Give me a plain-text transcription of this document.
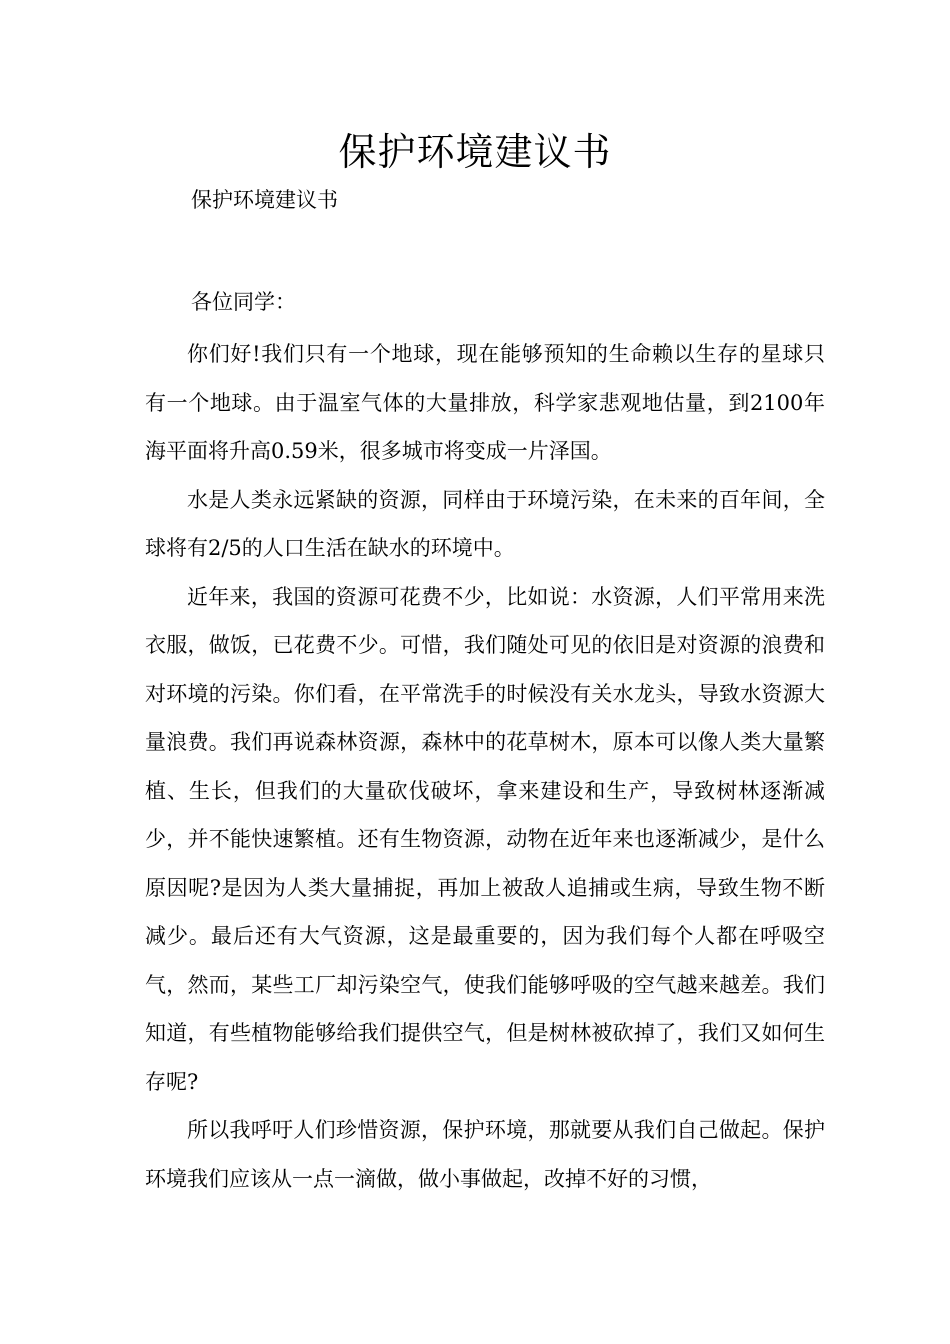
保护环境建议书

保护环境建议书

各位同学：

你们好!我们只有一个地球，现在能够预知的生命赖以生存的星球只有一个地球。由于温室气体的大量排放，科学家悲观地估量，到2100年海平面将升高0.59米，很多城市将变成一片泽国。

水是人类永远紧缺的资源，同样由于环境污染，在未来的百年间，全球将有2/5的人口生活在缺水的环境中。

近年来，我国的资源可花费不少，比如说：水资源，人们平常用来洗衣服，做饭，已花费不少。可惜，我们随处可见的依旧是对资源的浪费和对环境的污染。你们看，在平常洗手的时候没有关水龙头，导致水资源大量浪费。我们再说森林资源，森林中的花草树木，原本可以像人类大量繁植、生长，但我们的大量砍伐破坏，拿来建设和生产，导致树林逐渐减少，并不能快速繁植。还有生物资源，动物在近年来也逐渐减少，是什么原因呢?是因为人类大量捕捉，再加上被敌人追捕或生病，导致生物不断减少。最后还有大气资源，这是最重要的，因为我们每个人都在呼吸空气，然而，某些工厂却污染空气，使我们能够呼吸的空气越来越差。我们知道，有些植物能够给我们提供空气，但是树林被砍掉了，我们又如何生存呢?

所以我呼吁人们珍惜资源，保护环境，那就要从我们自己做起。保护环境我们应该从一点一滴做，做小事做起，改掉不好的习惯，
